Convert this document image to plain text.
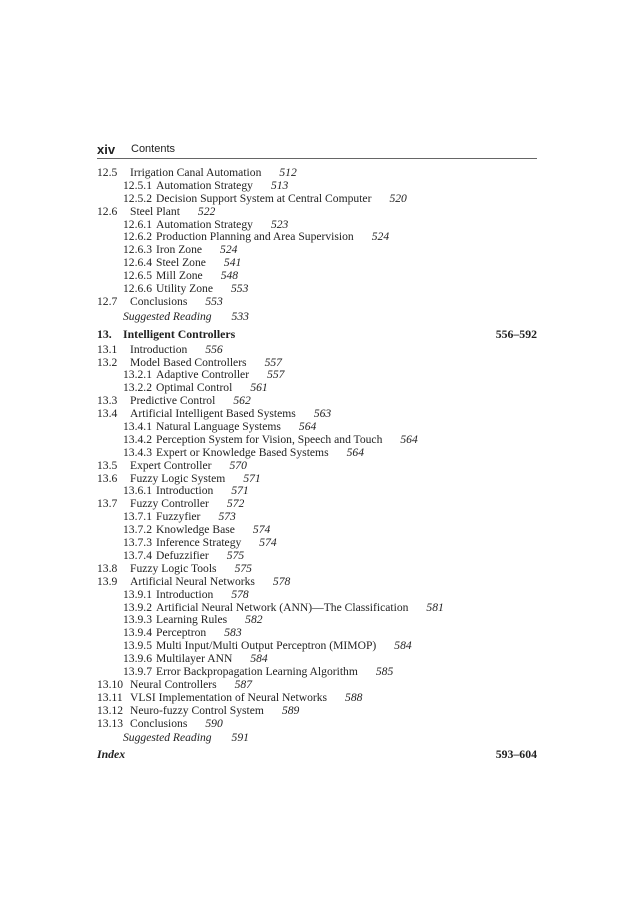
xiv Contents
12.5 Irrigation Canal Automation 512
12.5.1 Automation Strategy 513
12.5.2 Decision Support System at Central Computer 520
12.6 Steel Plant 522
12.6.1 Automation Strategy 523
12.6.2 Production Planning and Area Supervision 524
12.6.3 Iron Zone 524
12.6.4 Steel Zone 541
12.6.5 Mill Zone 548
12.6.6 Utility Zone 553
12.7 Conclusions 553
Suggested Reading 533
13. Intelligent Controllers	556–592
13.1 Introduction 556
13.2 Model Based Controllers 557
13.2.1 Adaptive Controller 557
13.2.2 Optimal Control 561
13.3 Predictive Control 562
13.4 Artificial Intelligent Based Systems 563
13.4.1 Natural Language Systems 564
13.4.2 Perception System for Vision, Speech and Touch 564
13.4.3 Expert or Knowledge Based Systems 564
13.5 Expert Controller 570
13.6 Fuzzy Logic System 571
13.6.1 Introduction 571
13.7 Fuzzy Controller 572
13.7.1 Fuzzyfier 573
13.7.2 Knowledge Base 574
13.7.3 Inference Strategy 574
13.7.4 Defuzzifier 575
13.8 Fuzzy Logic Tools 575
13.9 Artificial Neural Networks 578
13.9.1 Introduction 578
13.9.2 Artificial Neural Network (ANN)—The Classification 581
13.9.3 Learning Rules 582
13.9.4 Perceptron 583
13.9.5 Multi Input/Multi Output Perceptron (MIMOP) 584
13.9.6 Multilayer ANN 584
13.9.7 Error Backpropagation Learning Algorithm 585
13.10 Neural Controllers 587
13.11 VLSI Implementation of Neural Networks 588
13.12 Neuro-fuzzy Control System 589
13.13 Conclusions 590
Suggested Reading 591
Index	593–604
